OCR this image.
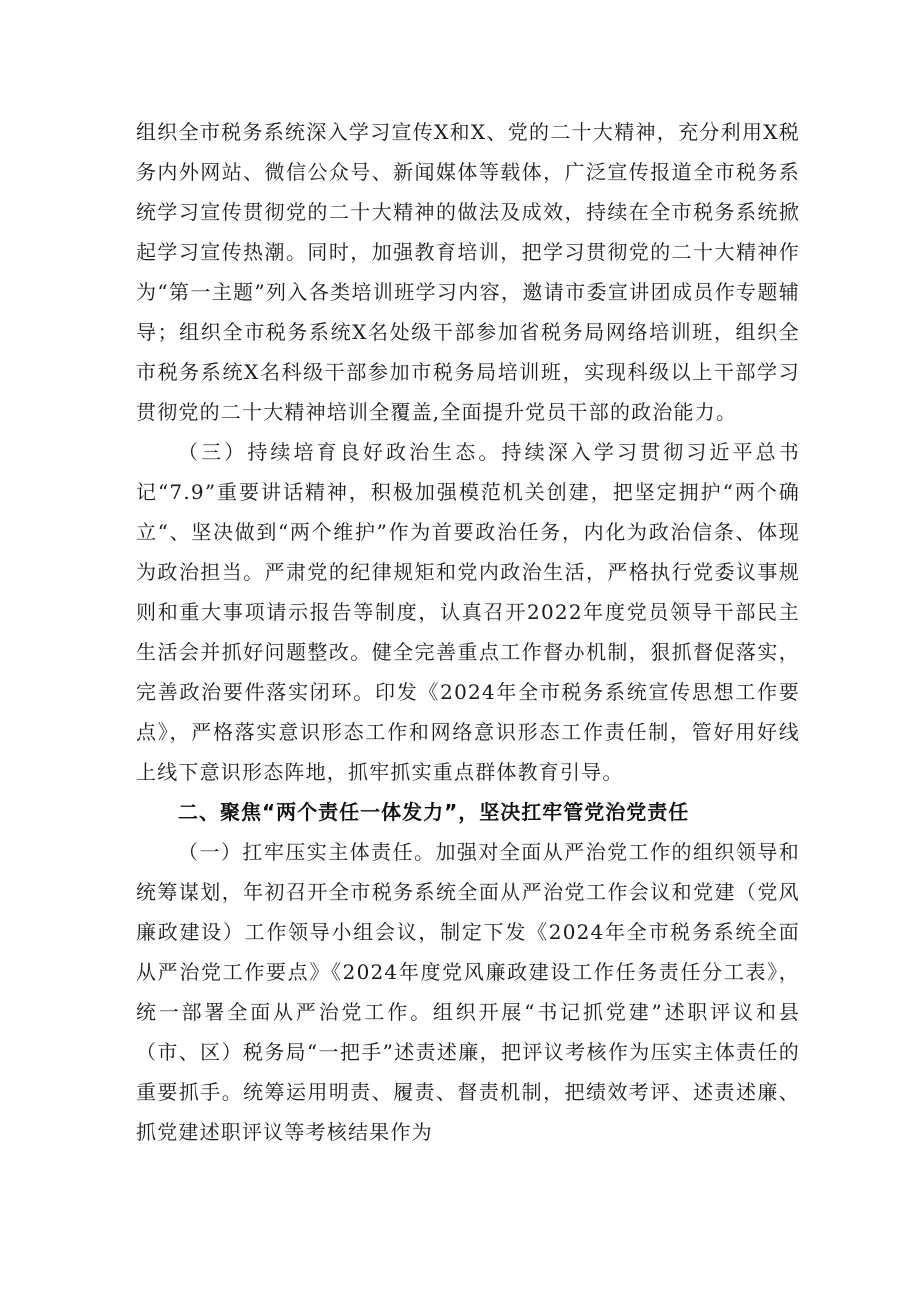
组织全市税务系统深入学习宣传X和X、党的二十大精神，充分利用X税务内外网站、微信公众号、新闻媒体等载体，广泛宣传报道全市税务系统学习宣传贯彻党的二十大精神的做法及成效，持续在全市税务系统掀起学习宣传热潮。同时，加强教育培训，把学习贯彻党的二十大精神作为“第一主题”列入各类培训班学习内容，邀请市委宣讲团成员作专题辅导；组织全市税务系统X名处级干部参加省税务局网络培训班，组织全市税务系统X名科级干部参加市税务局培训班，实现科级以上干部学习贯彻党的二十大精神培训全覆盖,全面提升党员干部的政治能力。

（三）持续培育良好政治生态。持续深入学习贯彻习近平总书记“7.9”重要讲话精神，积极加强模范机关创建，把坚定拥护“两个确立“、坚决做到“两个维护”作为首要政治任务，内化为政治信条、体现为政治担当。严肃党的纪律规矩和党内政治生活，严格执行党委议事规则和重大事项请示报告等制度，认真召开2022年度党员领导干部民主生活会并抓好问题整改。健全完善重点工作督办机制，狠抓督促落实，完善政治要件落实闭环。印发《2024年全市税务系统宣传思想工作要点》，严格落实意识形态工作和网络意识形态工作责任制，管好用好线上线下意识形态阵地，抓牢抓实重点群体教育引导。

二、聚焦“两个责任一体发力”，坚决扛牢管党治党责任

（一）扛牢压实主体责任。加强对全面从严治党工作的组织领导和统筹谋划，年初召开全市税务系统全面从严治党工作会议和党建（党风廉政建设）工作领导小组会议，制定下发《2024年全市税务系统全面从严治党工作要点》《2024年度党风廉政建设工作任务责任分工表》，统一部署全面从严治党工作。组织开展“书记抓党建”述职评议和县（市、区）税务局“一把手”述责述廉，把评议考核作为压实主体责任的重要抓手。统筹运用明责、履责、督责机制，把绩效考评、述责述廉、抓党建述职评议等考核结果作为
